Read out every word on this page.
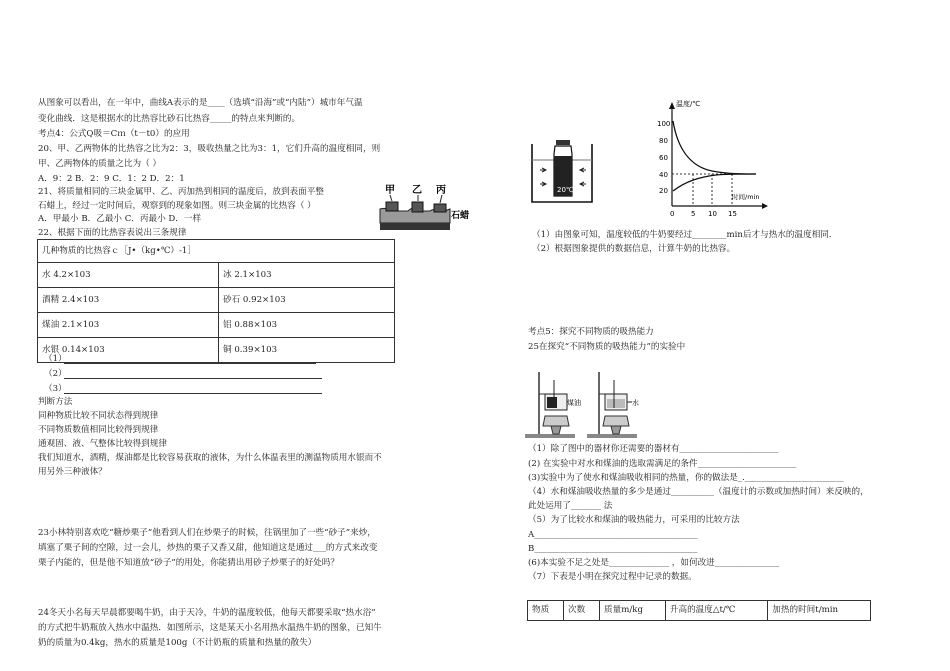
从图象可以看出，在一年中，曲线A表示的是____（选填“沿海”或“内陆”）城市年气温
变化曲线．这是根据水的比热容比砂石比热容_____的特点来判断的。
考点4：公式Q吸＝Cｍ（t－t0）的应用
20、甲、乙两物体的比热容之比为2：3，吸收热量之比为3：1，它们升高的温度相同，则
甲、乙两物体的质量之比为（ ）
A．9：2 B．2：9 C．1：2 D．2：1
21、将质量相同的三块金属甲、乙、丙加热到相同的温度后，放到表面平整
石蜡上，经过一定时间后，观察到的现象如图。则三块金属的比热容（ ）
A．甲最小 B．乙最小 C．丙最小 D．一样
22、根据下面的比热容表说出三条规律
甲 乙 丙
石蜡
几种物质的比热容ｃ［J•（kg•℃）-1］	
水 4.2×103	冰 2.1×103
酒精 2.4×103	砂石 0.92×103
煤油 2.1×103	铝 0.88×103
水银 0.14×103	铜 0.39×103
（1）
（2）
（3）
判断方法
同种物质比较不同状态得到规律
不同物质数值相同比较得到规律
通观固、液、气整体比较得到规律
我们知道水，酒精，煤油都是比较容易获取的液体，为什么体温表里的测温物质用水银而不
用另外三种液体？
23小林特别喜欢吃“糖炒栗子”他看到人们在炒栗子的时候，往锅里加了一些“砂子”来炒，
填塞了栗子间的空隙，过一会儿，炒热的栗子又香又甜，他知道这是通过___的方式来改变
栗子内能的，但是他不知道放“砂子”的用处，你能猜出用砂子炒栗子的好处吗？
24冬天小名每天早晨都要喝牛奶，由于天冷，牛奶的温度较低，他每天都要采取“热水浴”
的方式把牛奶瓶放入热水中温热．如图所示，这是某天小名用热水温热牛奶的图象，已知牛
奶的质量为0.4kg，热水的质量是100g（不计奶瓶的质量和热量的散失）
20℃
温度/℃
时间/min
100
80
60
40
20
0 5 10 15
（1）由图象可知，温度较低的牛奶要经过________min后才与热水的温度相同.
（2）根据图象提供的数据信息，计算牛奶的比热容。
考点5：探究不同物质的吸热能力
25在探究“不同物质的吸热能力”的实验中
煤油	水
（1）除了图中的器材你还需要的器材有_______________________
(2) 在实验中对水和煤油的选取需满足的条件_______________________
(3)实验中为了使水和煤油吸收相同的热量，你的做法是_._______________________
（4）水和煤油吸收热量的多少是通过__________（温度计的示数或加热时间）来反映的，
此处运用了_______ 法
（5）为了比较水和煤油的吸热能力，可采用的比较方法
A______________________________________
B______________________________________
(6)本实验不足之处是______________ ，如何改进_______________
（7）下表是小明在探究过程中记录的数据。
物质	次数	质量m/kg	升高的温度△t/℃	加热的时间t/min
